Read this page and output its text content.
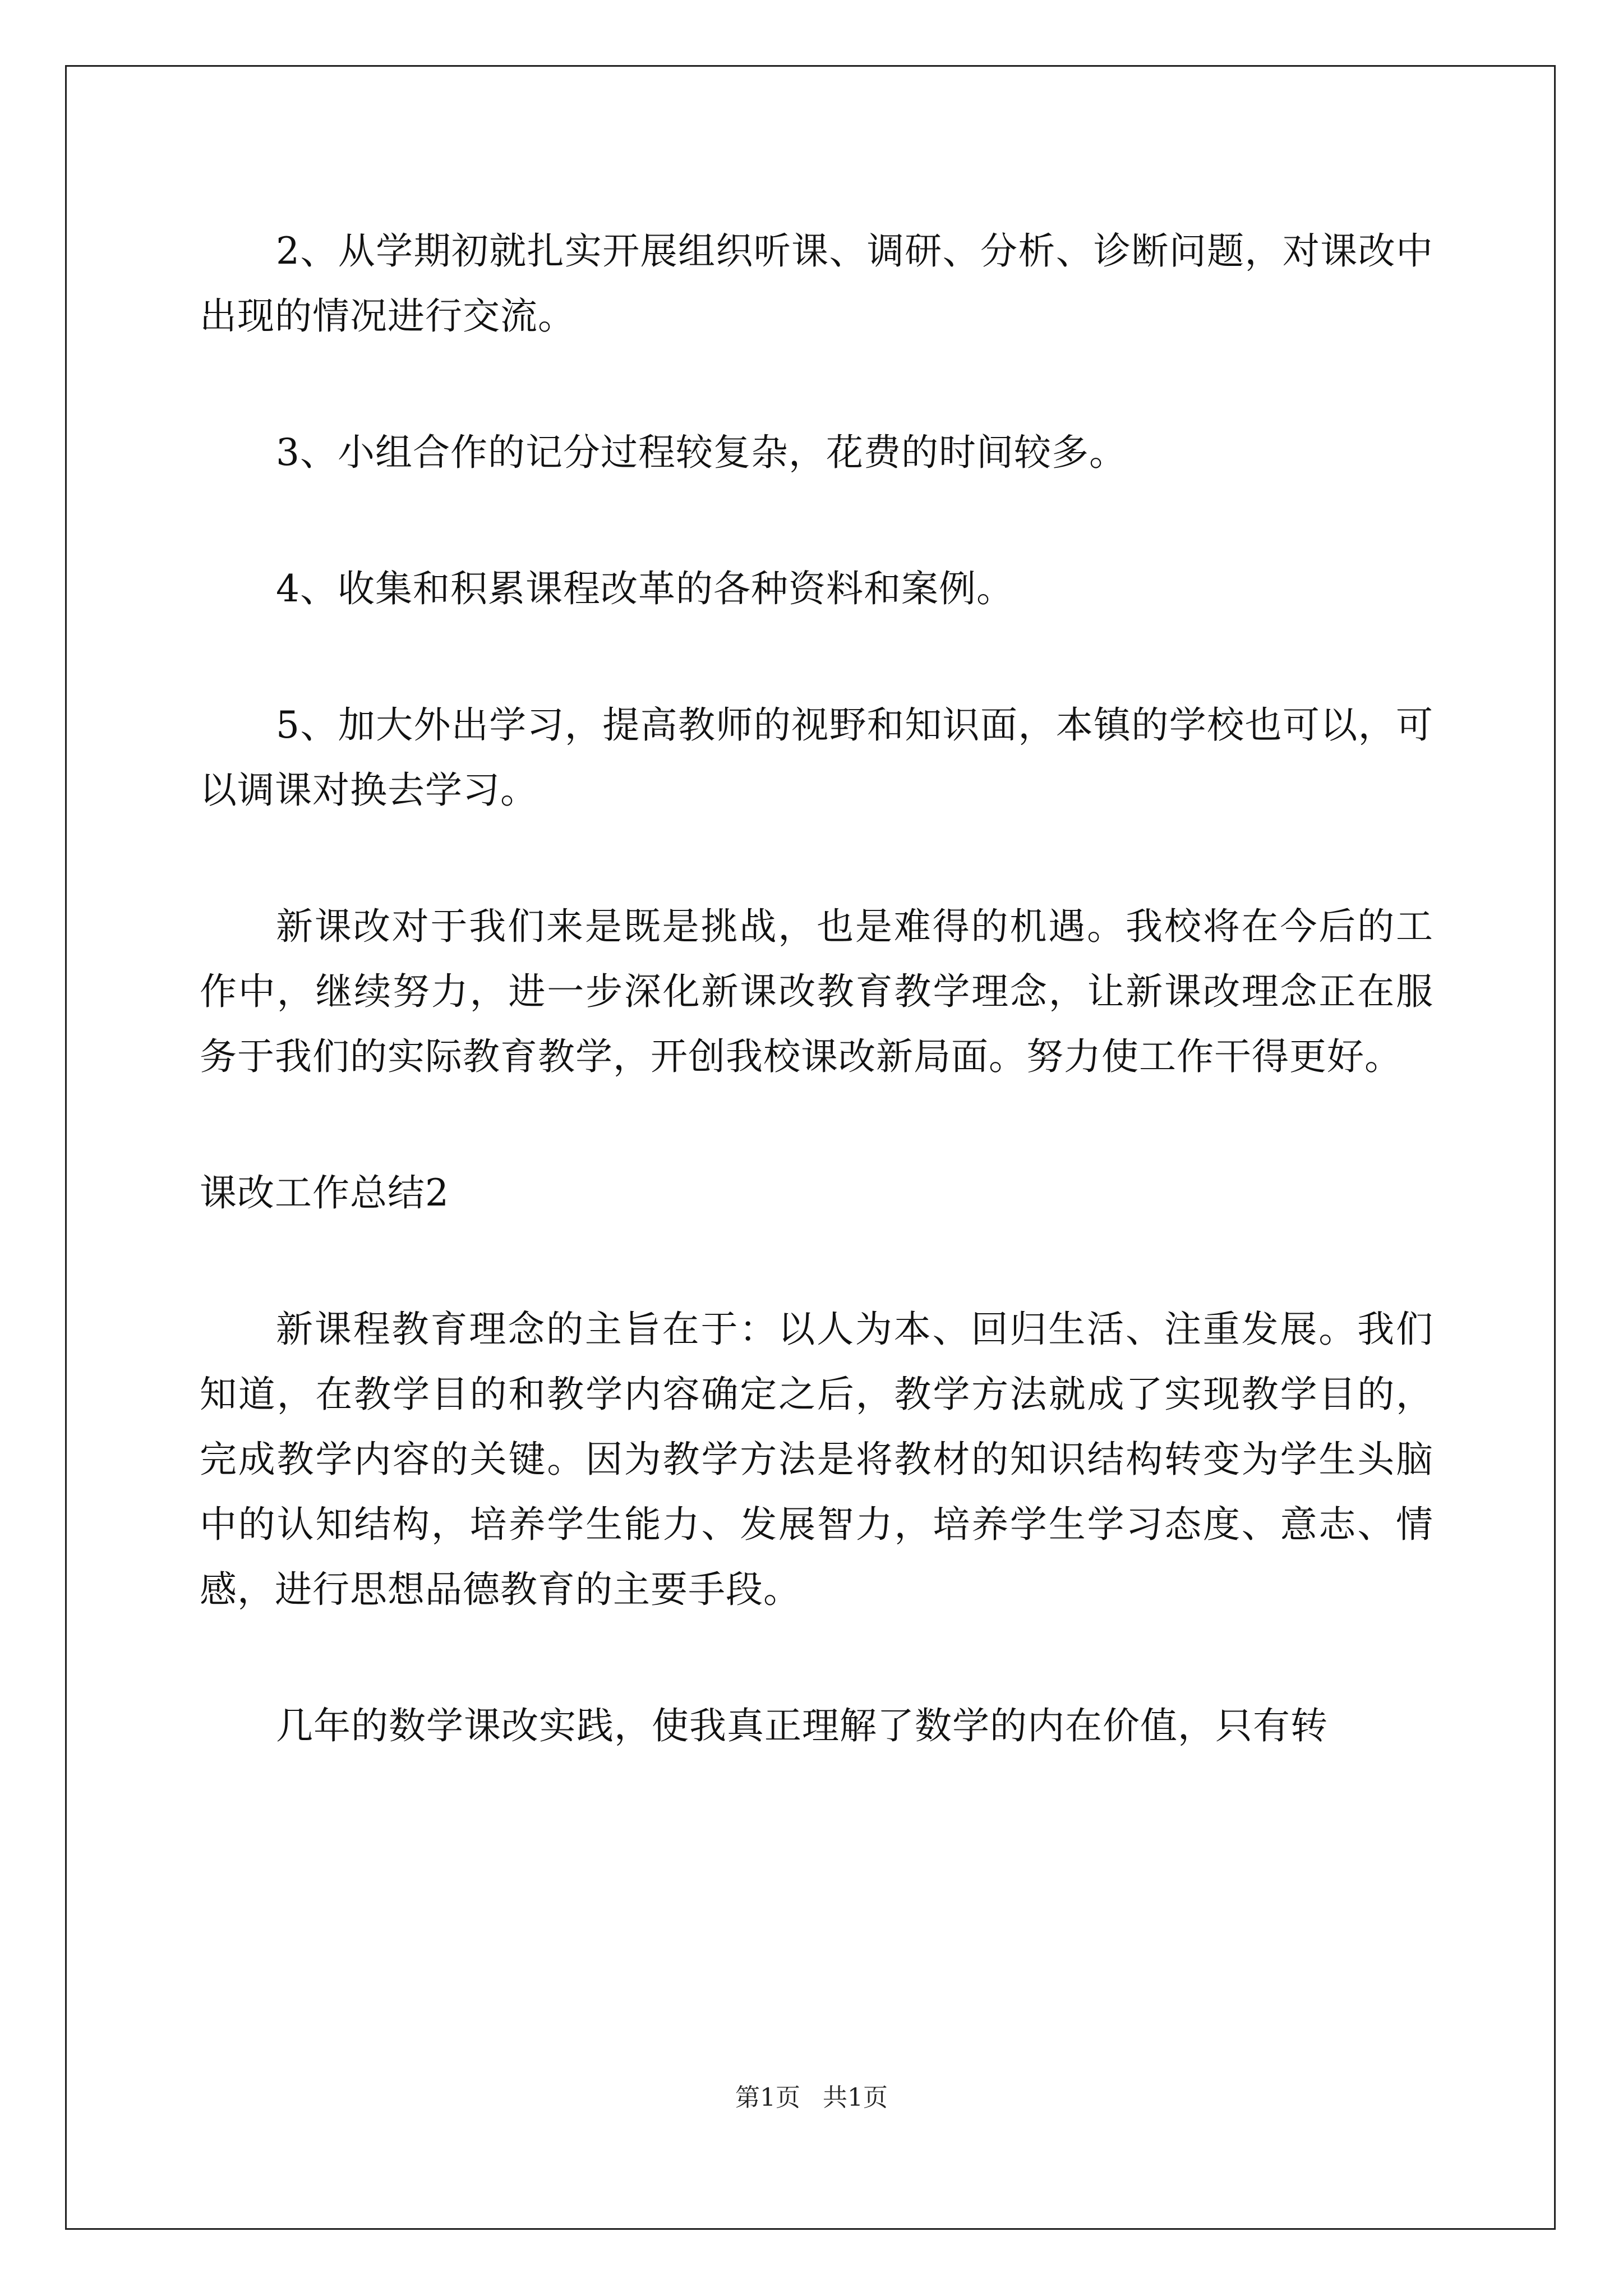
2、从学期初就扎实开展组织听课、调研、分析、诊断问题，对课改中出现的情况进行交流。

3、小组合作的记分过程较复杂，花费的时间较多。

4、收集和积累课程改革的各种资料和案例。

5、加大外出学习，提高教师的视野和知识面，本镇的学校也可以，可以调课对换去学习。

新课改对于我们来是既是挑战，也是难得的机遇。我校将在今后的工作中，继续努力，进一步深化新课改教育教学理念，让新课改理念正在服务于我们的实际教育教学，开创我校课改新局面。努力使工作干得更好。

课改工作总结2

新课程教育理念的主旨在于：以人为本、回归生活、注重发展。我们知道，在教学目的和教学内容确定之后，教学方法就成了实现教学目的，完成教学内容的关键。因为教学方法是将教材的知识结构转变为学生头脑中的认知结构，培养学生能力、发展智力，培养学生学习态度、意志、情感，进行思想品德教育的主要手段。

几年的数学课改实践，使我真正理解了数学的内在价值，只有转

第1页 共1页
